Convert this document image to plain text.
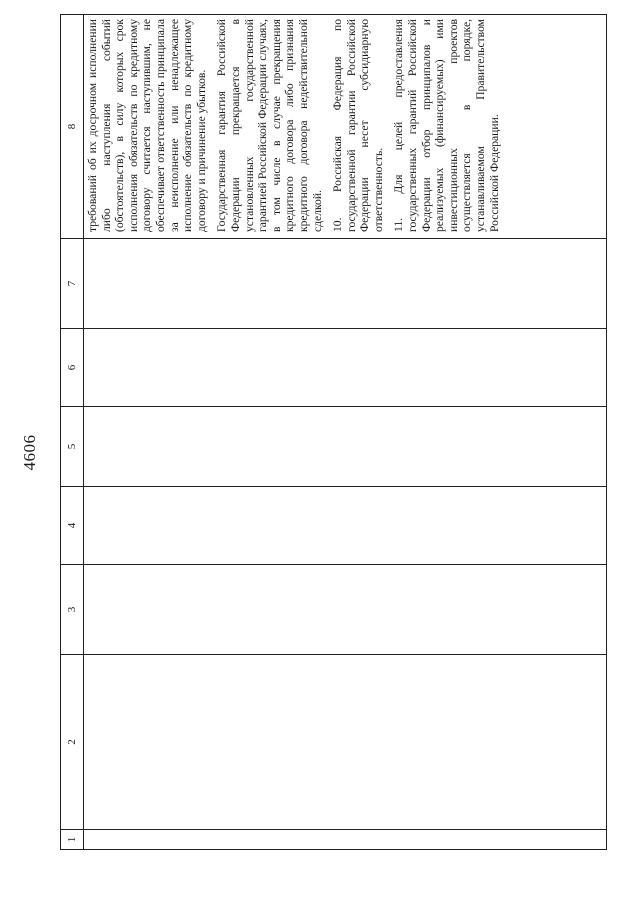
4606
1	2	3	4	5	6	7	8

							требований об их досрочном исполнении либо наступления событий (обстоятельств), в силу которых срок исполнения обязательств по кредитному договору считается наступившим, не обеспечивает ответственность принципала за неисполнение или ненадлежащее исполнение обязательств по кредитному договору и причинение убытков. Государственная гарантия Российской Федерации прекращается в установленных государственной гарантией Российской Федерации случаях, в том числе в случае прекращения кредитного договора либо признания кредитного договора недействительной сделкой. 10. Российская Федерация по государственной гарантии Российской Федерации несет субсидиарную ответственность. 11. Для целей предоставления государственных гарантий Российской Федерации отбор принципалов и реализуемых (финансируемых) ими инвестиционных проектов осуществляется в порядке, устанавливаемом Правительством Российской Федерации.
